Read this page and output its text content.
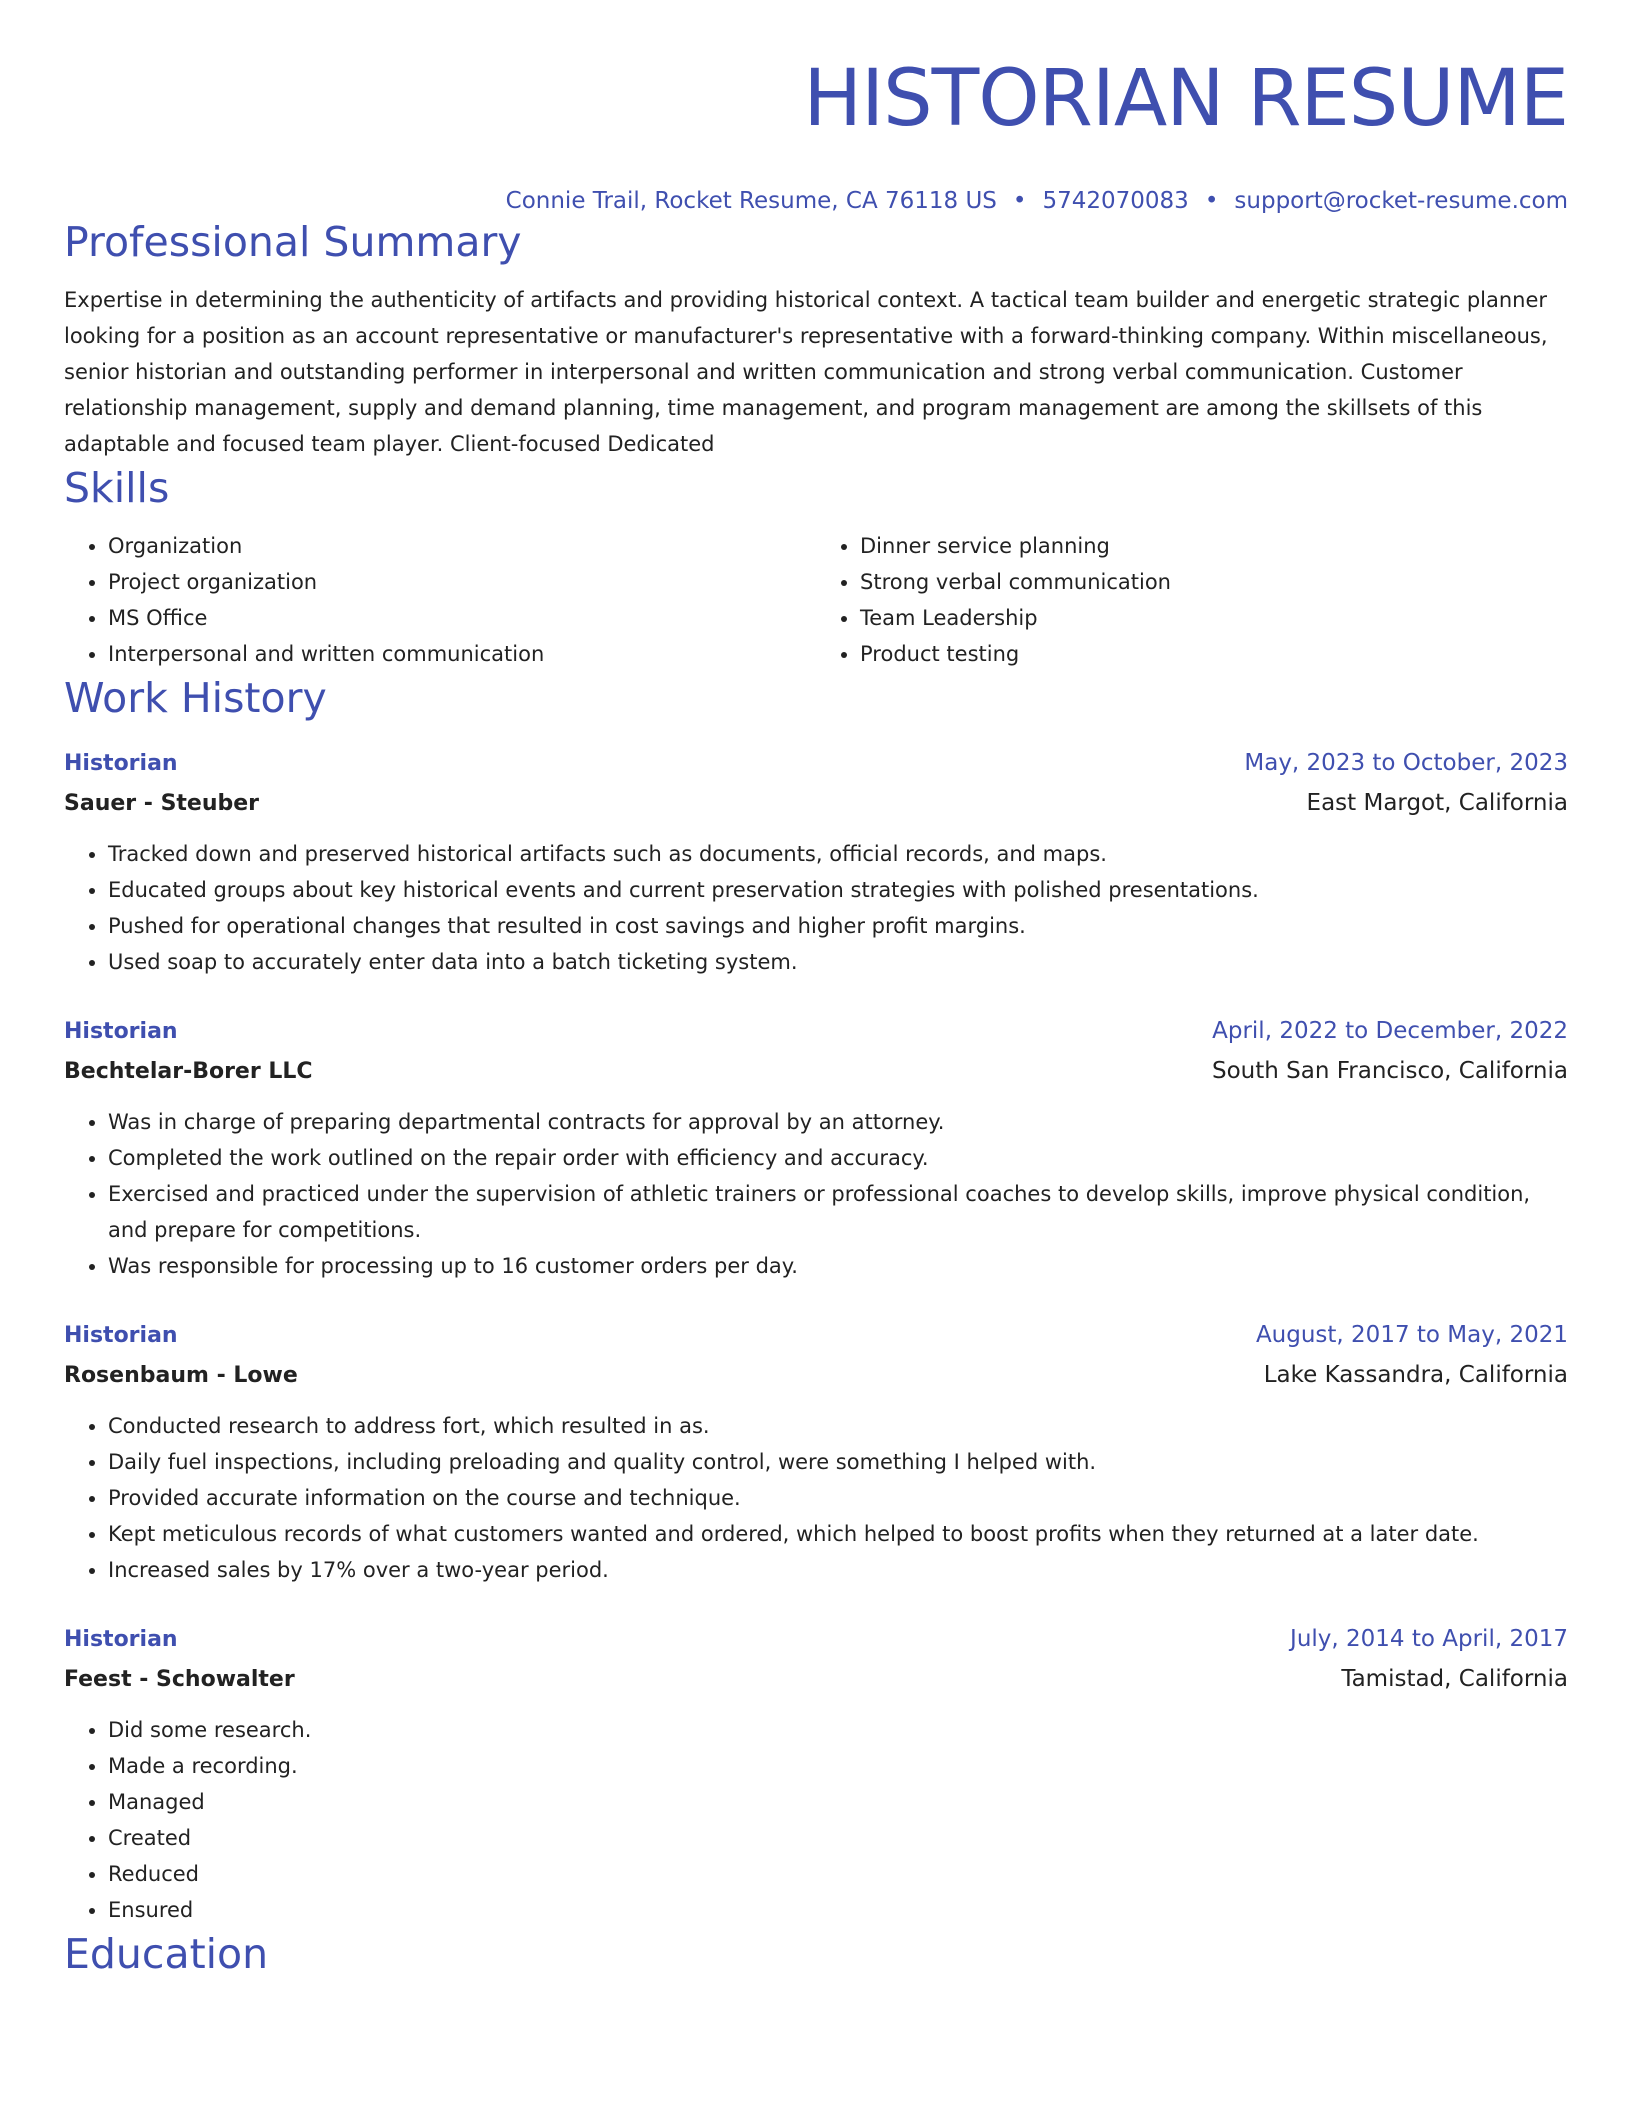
HISTORIAN RESUME
Connie Trail, Rocket Resume, CA 76118 US • 5742070083 • support@rocket-resume.com
Professional Summary
Expertise in determining the authenticity of artifacts and providing historical context. A tactical team builder and energetic strategic planner looking for a position as an account representative or manufacturer's representative with a forward-thinking company. Within miscellaneous, senior historian and outstanding performer in interpersonal and written communication and strong verbal communication. Customer relationship management, supply and demand planning, time management, and program management are among the skillsets of this adaptable and focused team player. Client-focused Dedicated
Skills
• Organization
• Project organization
• MS Office
• Interpersonal and written communication
• Dinner service planning
• Strong verbal communication
• Team Leadership
• Product testing
Work History
Historian	May, 2023 to October, 2023
Sauer - Steuber	East Margot, California
• Tracked down and preserved historical artifacts such as documents, official records, and maps.
• Educated groups about key historical events and current preservation strategies with polished presentations.
• Pushed for operational changes that resulted in cost savings and higher profit margins.
• Used soap to accurately enter data into a batch ticketing system.
Historian	April, 2022 to December, 2022
Bechtelar-Borer LLC	South San Francisco, California
• Was in charge of preparing departmental contracts for approval by an attorney.
• Completed the work outlined on the repair order with efficiency and accuracy.
• Exercised and practiced under the supervision of athletic trainers or professional coaches to develop skills, improve physical condition, and prepare for competitions.
• Was responsible for processing up to 16 customer orders per day.
Historian	August, 2017 to May, 2021
Rosenbaum - Lowe	Lake Kassandra, California
• Conducted research to address fort, which resulted in as.
• Daily fuel inspections, including preloading and quality control, were something I helped with.
• Provided accurate information on the course and technique.
• Kept meticulous records of what customers wanted and ordered, which helped to boost profits when they returned at a later date.
• Increased sales by 17% over a two-year period.
Historian	July, 2014 to April, 2017
Feest - Schowalter	Tamistad, California
• Did some research.
• Made a recording.
• Managed
• Created
• Reduced
• Ensured
Education
